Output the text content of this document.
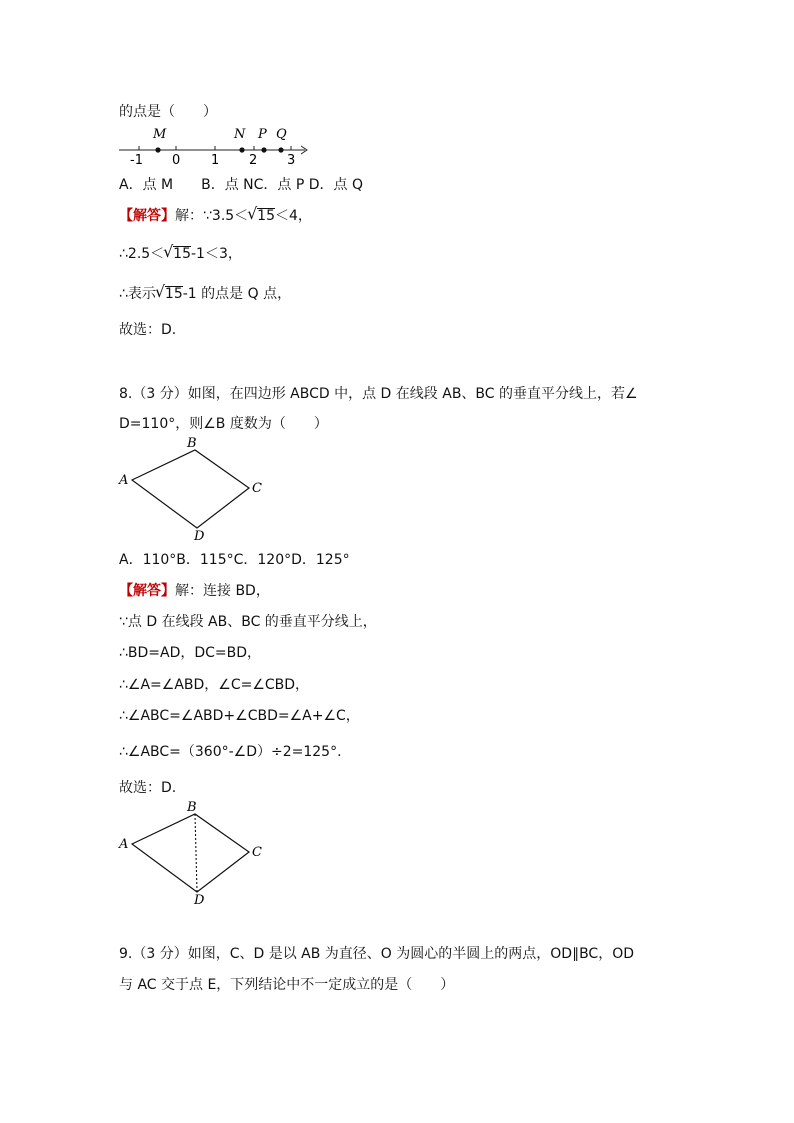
的点是（　　）
M	N P Q
-1 0 1 2 3
A．点 M　　B．点 NC．点 P D．点 Q
【解答】解：∵3.5＜ √ 15＜4，
∴2.5＜ √ 15-1＜3，
∴表示 √ 15-1 的点是 Q 点，
故选：D.
8.（3 分）如图，在四边形 ABCD 中，点 D 在线段 AB、BC 的垂直平分线上，若∠
D=110°，则∠B 度数为（　　）
B
A
C
D
A．110°B．115°C．120°D．125°
【解答】解：连接 BD，
∵点 D 在线段 AB、BC 的垂直平分线上，
∴BD=AD，DC=BD，
∴∠A=∠ABD，∠C=∠CBD，
∴∠ABC=∠ABD+∠CBD=∠A+∠C，
∴∠ABC=（360°-∠D）÷2=125°.
故选：D.
B
A
C
D
9.（3 分）如图，C、D 是以 AB 为直径、O 为圆心的半圆上的两点，OD∥BC，OD
与 AC 交于点 E，下列结论中不一定成立的是（　　）
